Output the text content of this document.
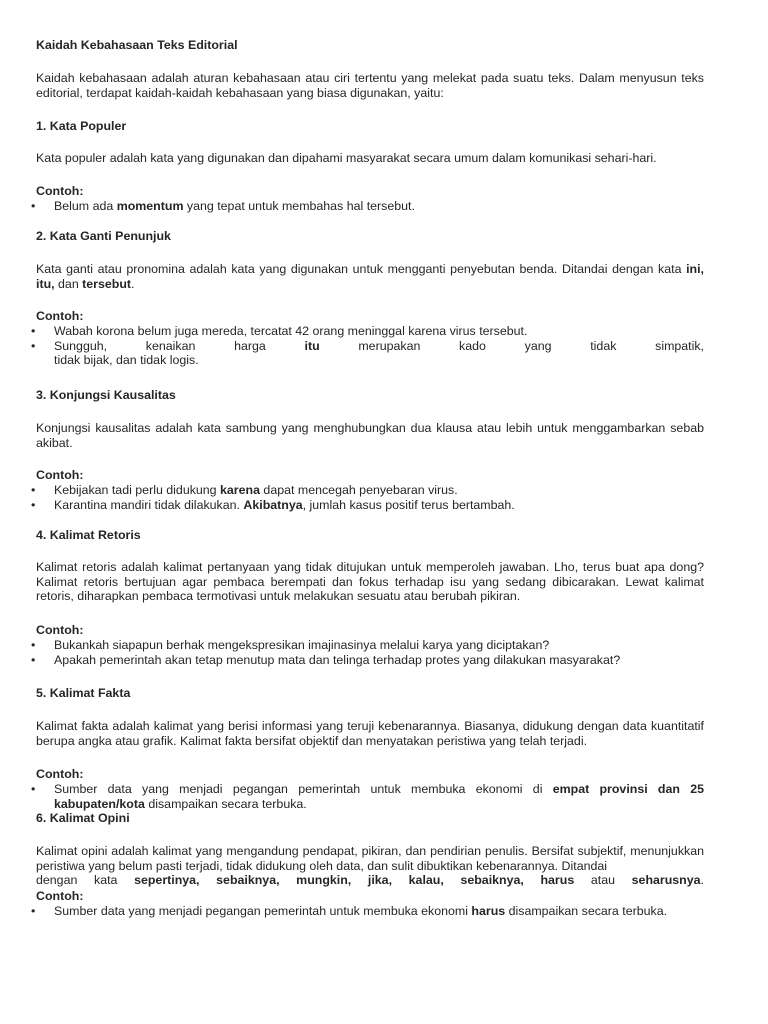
Kaidah Kebahasaan Teks Editorial
Kaidah kebahasaan adalah aturan kebahasaan atau ciri tertentu yang melekat pada suatu teks. Dalam menyusun teks editorial, terdapat kaidah-kaidah kebahasaan yang biasa digunakan, yaitu:
1. Kata Populer
Kata populer adalah kata yang digunakan dan dipahami masyarakat secara umum dalam komunikasi sehari-hari.
Contoh:
• Belum ada momentum yang tepat untuk membahas hal tersebut.
2. Kata Ganti Penunjuk
Kata ganti atau pronomina adalah kata yang digunakan untuk mengganti penyebutan benda. Ditandai dengan kata ini, itu, dan tersebut.
Contoh:
• Wabah korona belum juga mereda, tercatat 42 orang meninggal karena virus tersebut.
• Sungguh, kenaikan harga itu merupakan kado yang tidak simpatik,
tidak bijak, dan tidak logis.
3. Konjungsi Kausalitas
Konjungsi kausalitas adalah kata sambung yang menghubungkan dua klausa atau lebih untuk menggambarkan sebab akibat.
Contoh:
• Kebijakan tadi perlu didukung karena dapat mencegah penyebaran virus.
• Karantina mandiri tidak dilakukan. Akibatnya, jumlah kasus positif terus bertambah.
4. Kalimat Retoris
Kalimat retoris adalah kalimat pertanyaan yang tidak ditujukan untuk memperoleh jawaban. Lho, terus buat apa dong? Kalimat retoris bertujuan agar pembaca berempati dan fokus terhadap isu yang sedang dibicarakan. Lewat kalimat retoris, diharapkan pembaca termotivasi untuk melakukan sesuatu atau berubah pikiran.
Contoh:
• Bukankah siapapun berhak mengekspresikan imajinasinya melalui karya yang diciptakan?
• Apakah pemerintah akan tetap menutup mata dan telinga terhadap protes yang dilakukan masyarakat?
5. Kalimat Fakta
Kalimat fakta adalah kalimat yang berisi informasi yang teruji kebenarannya. Biasanya, didukung dengan data kuantitatif berupa angka atau grafik. Kalimat fakta bersifat objektif dan menyatakan peristiwa yang telah terjadi.
Contoh:
• Sumber data yang menjadi pegangan pemerintah untuk membuka ekonomi di empat provinsi dan 25 kabupaten/kota disampaikan secara terbuka.
6. Kalimat Opini
Kalimat opini adalah kalimat yang mengandung pendapat, pikiran, dan pendirian penulis. Bersifat subjektif, menunjukkan peristiwa yang belum pasti terjadi, tidak didukung oleh data, dan sulit dibuktikan kebenarannya. Ditandai
dengan kata sepertinya, sebaiknya, mungkin, jika, kalau, sebaiknya, harus atau seharusnya.
Contoh:
• Sumber data yang menjadi pegangan pemerintah untuk membuka ekonomi harus disampaikan secara terbuka.
